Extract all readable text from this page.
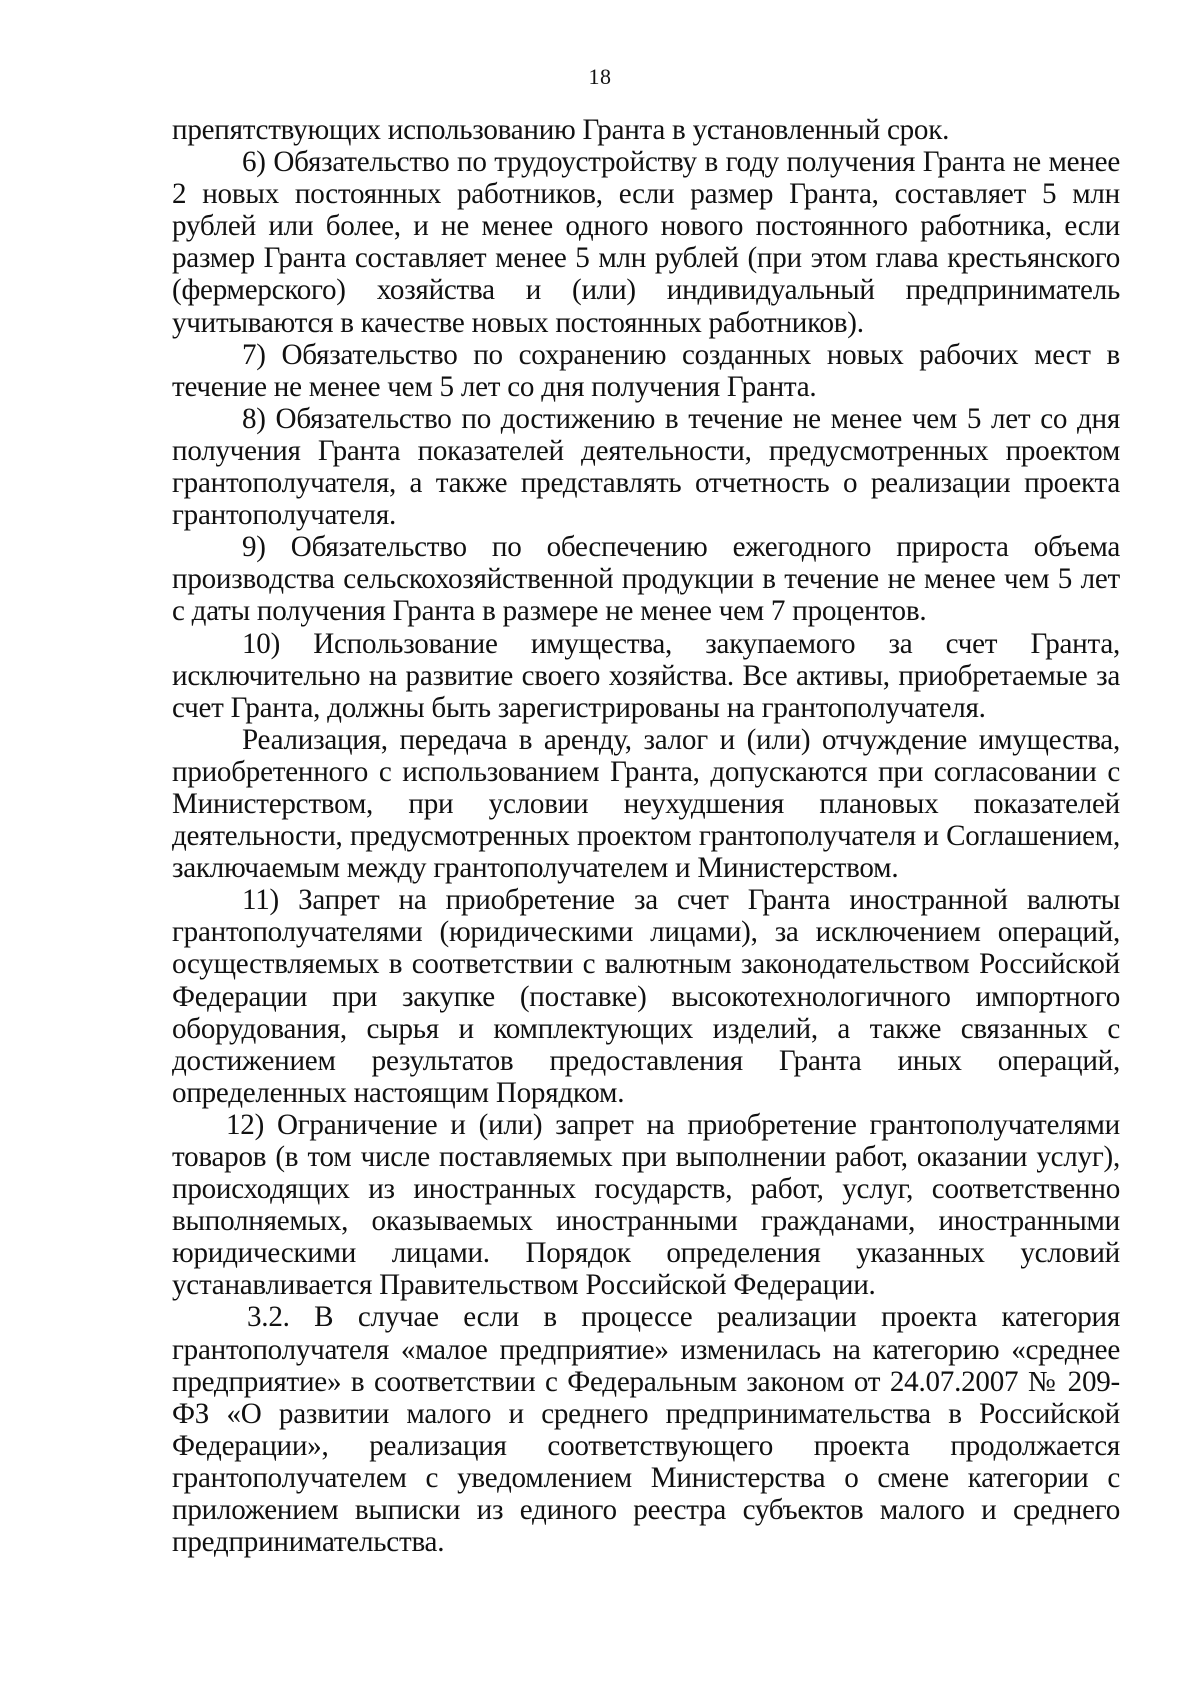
18

препятствующих использованию Гранта в установленный срок.

6) Обязательство по трудоустройству в году получения Гранта не менее 2 новых постоянных работников, если размер Гранта, составляет 5 млн рублей или более, и не менее одного нового постоянного работника, если размер Гранта составляет менее 5 млн рублей (при этом глава крестьянского (фермерского) хозяйства и (или) индивидуальный предприниматель учитываются в качестве новых постоянных работников).

7) Обязательство по сохранению созданных новых рабочих мест в течение не менее чем 5 лет со дня получения Гранта.

8) Обязательство по достижению в течение не менее чем 5 лет со дня получения Гранта показателей деятельности, предусмотренных проектом грантополучателя, а также представлять отчетность о реализации проекта грантополучателя.

9) Обязательство по обеспечению ежегодного прироста объема производства сельскохозяйственной продукции в течение не менее чем 5 лет с даты получения Гранта в размере не менее чем 7 процентов.

10) Использование имущества, закупаемого за счет Гранта, исключительно на развитие своего хозяйства. Все активы, приобретаемые за счет Гранта, должны быть зарегистрированы на грантополучателя.

Реализация, передача в аренду, залог и (или) отчуждение имущества, приобретенного с использованием Гранта, допускаются при согласовании с Министерством, при условии неухудшения плановых показателей деятельности, предусмотренных проектом грантополучателя и Соглашением, заключаемым между грантополучателем и Министерством.

11) Запрет на приобретение за счет Гранта иностранной валюты грантополучателями (юридическими лицами), за исключением операций, осуществляемых в соответствии с валютным законодательством Российской Федерации при закупке (поставке) высокотехнологичного импортного оборудования, сырья и комплектующих изделий, а также связанных с достижением результатов предоставления Гранта иных операций, определенных настоящим Порядком.

12) Ограничение и (или) запрет на приобретение грантополучателями товаров (в том числе поставляемых при выполнении работ, оказании услуг), происходящих из иностранных государств, работ, услуг, соответственно выполняемых, оказываемых иностранными гражданами, иностранными юридическими лицами. Порядок определения указанных условий устанавливается Правительством Российской Федерации.

3.2. В случае если в процессе реализации проекта категория грантополучателя «малое предприятие» изменилась на категорию «среднее предприятие» в соответствии с Федеральным законом от 24.07.2007 № 209-ФЗ «О развитии малого и среднего предпринимательства в Российской Федерации», реализация соответствующего проекта продолжается грантополучателем с уведомлением Министерства о смене категории с приложением выписки из единого реестра субъектов малого и среднего предпринимательства.
